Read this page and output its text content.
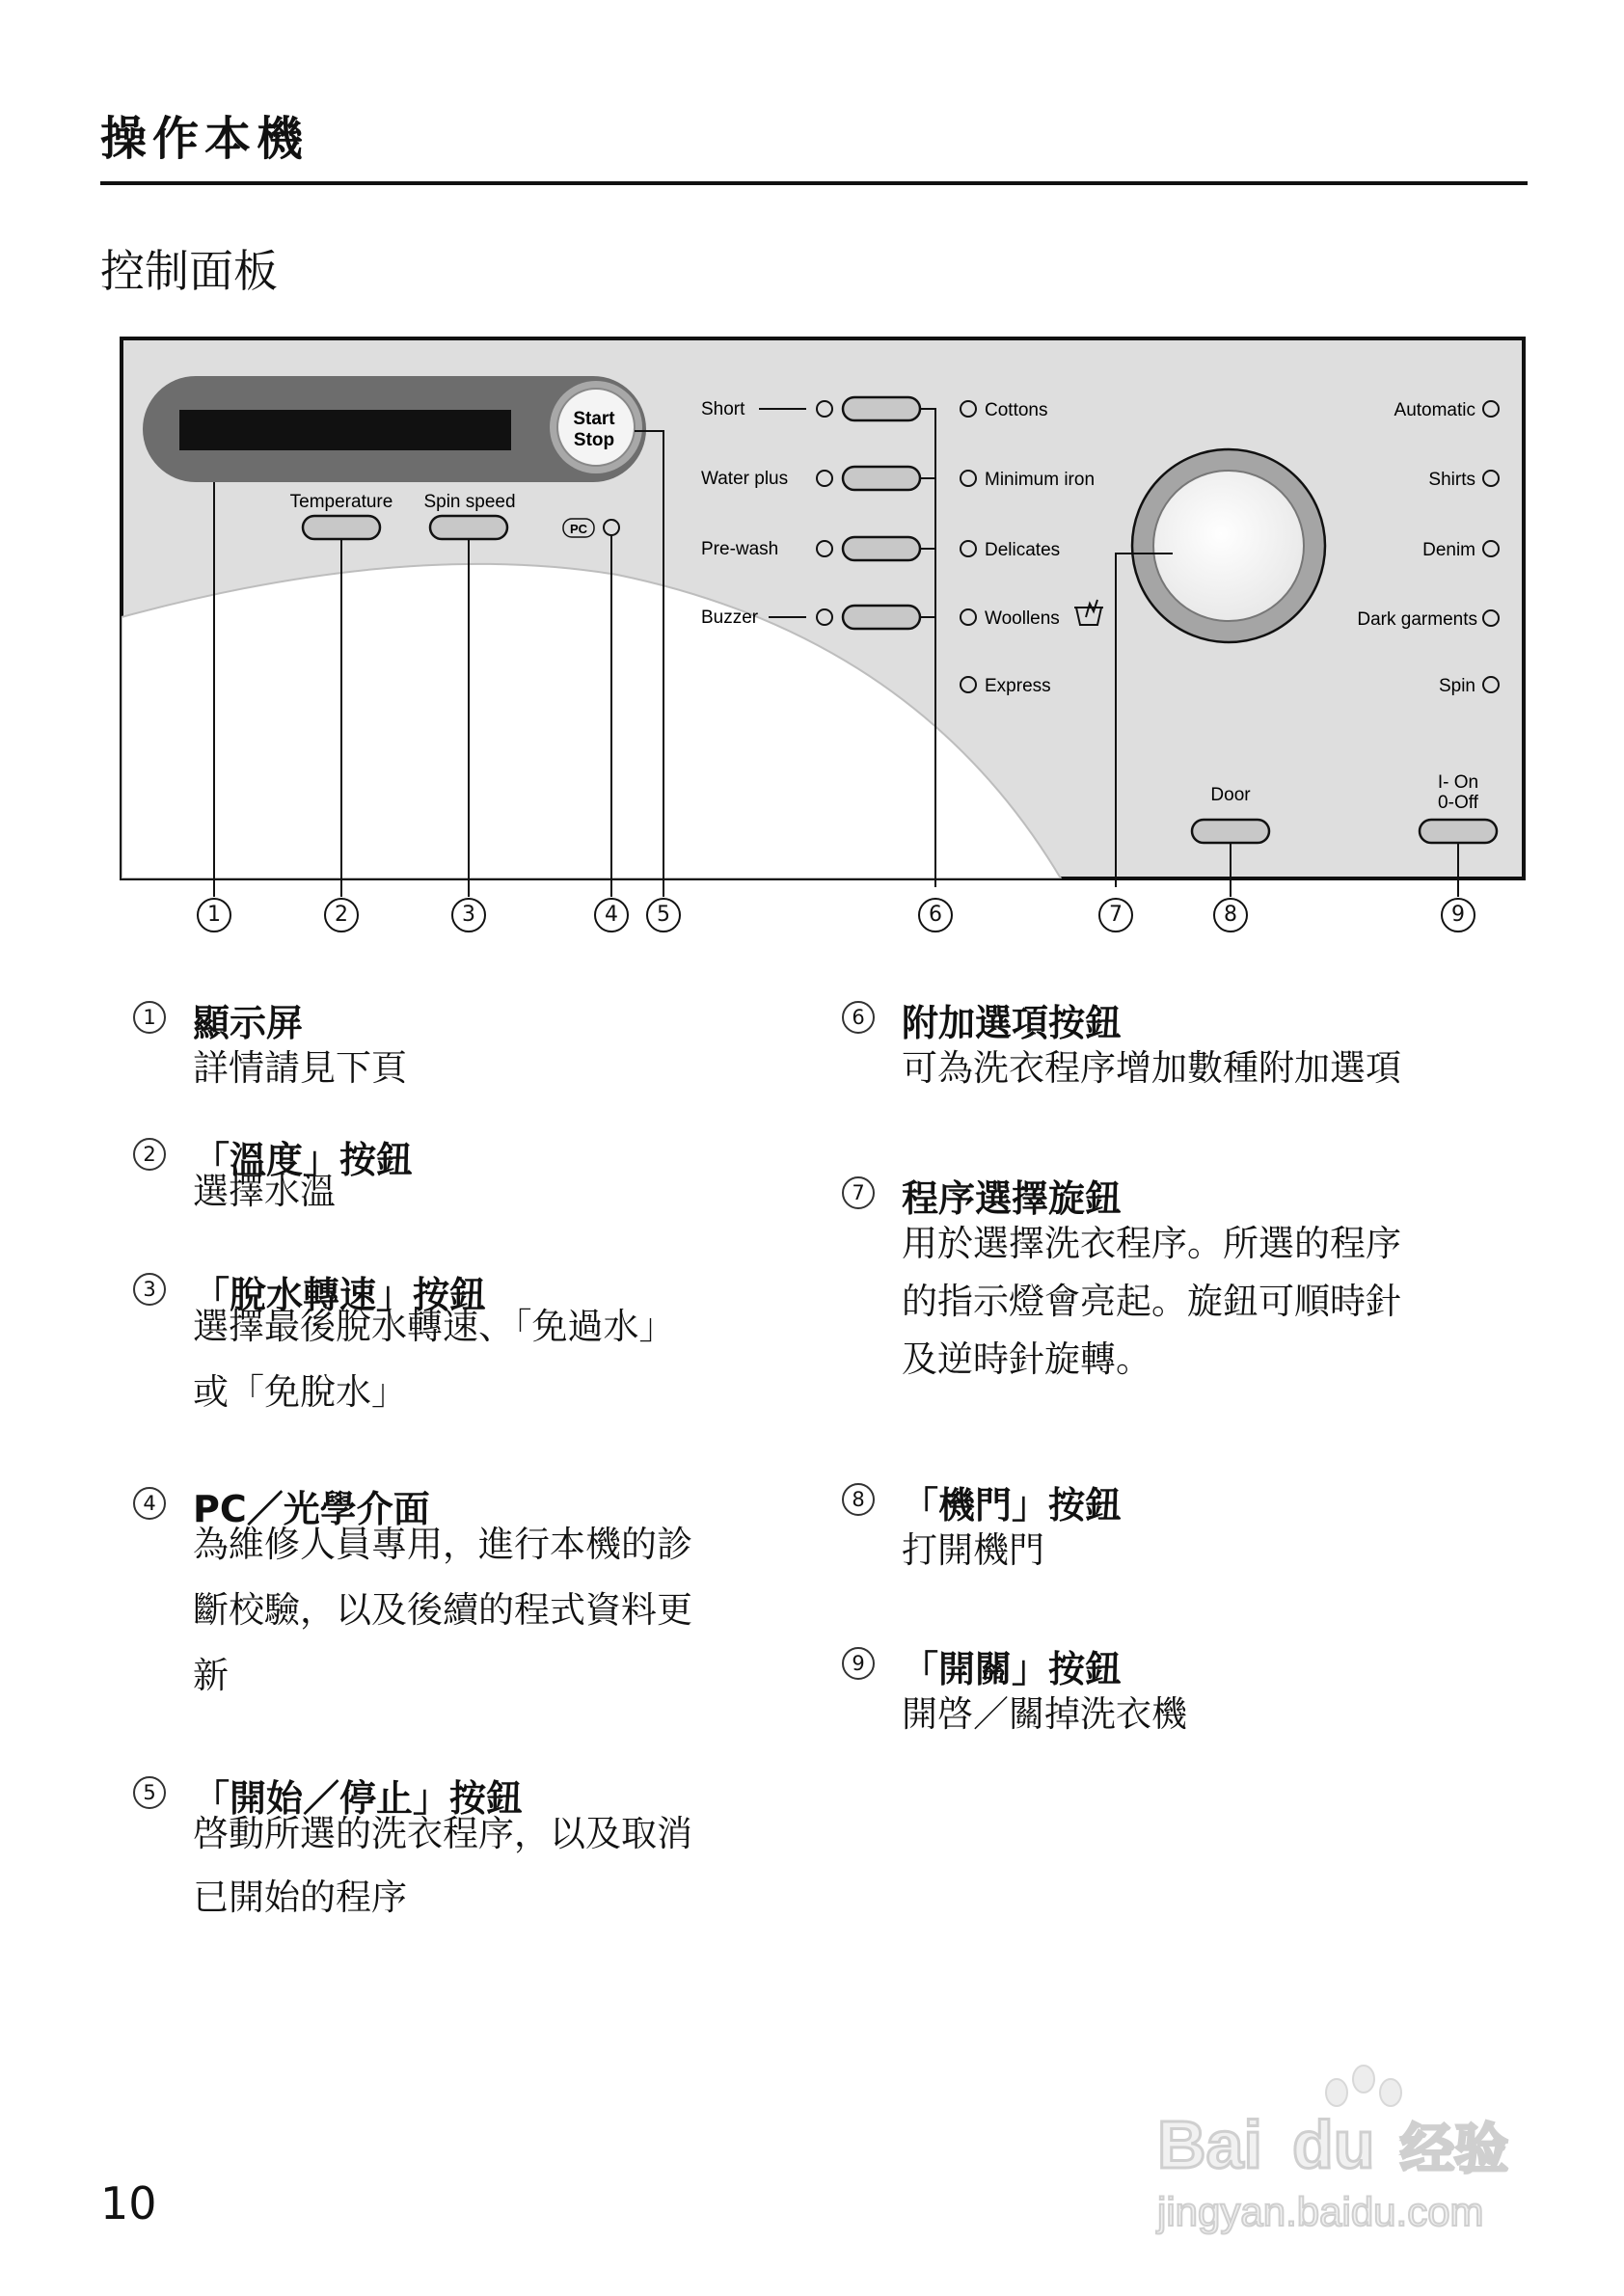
操作本機
控制面板
Start
Stop
Temperature Spin speed
PC
Short
Water plus
Pre-wash
Buzzer
Cottons
Minimum iron
Delicates
Woollens
Express
Automatic
Shirts
Denim
Dark garments
Spin
Door
I- On
0-Off
1	2	3	4	5	6	7	8	9
1 顯示屏
詳情請見下頁
2 「溫度」按鈕
選擇水溫
3 「脫水轉速」按鈕
選擇最後脫水轉速、「免過水」
或「免脫水」
4 PC／光學介面
為維修人員專用，進行本機的診
斷校驗，以及後續的程式資料更
新
5 「開始／停止」按鈕
啓動所選的洗衣程序，以及取消
已開始的程序
6 附加選項按鈕
可為洗衣程序增加數種附加選項
7 程序選擇旋鈕
用於選擇洗衣程序。所選的程序
的指示燈會亮起。旋鈕可順時針
及逆時針旋轉。
8 「機門」按鈕
打開機門
9 「開關」按鈕
開啓／關掉洗衣機
10
Bai du 经验
jingyan.baidu.com
